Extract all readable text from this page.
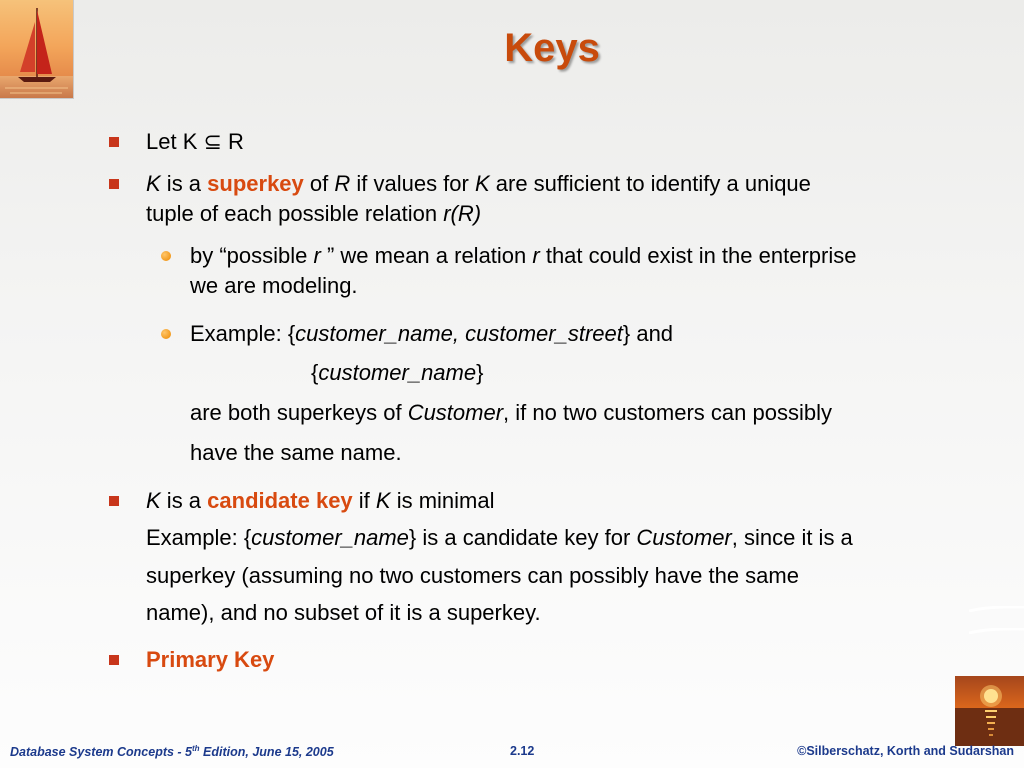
Keys
Let K ⊆ R
K is a superkey of R if values for K are sufficient to identify a unique
tuple of each possible relation r(R)
by “possible r ” we mean a relation r that could exist in the enterprise
we are modeling.
Example: {customer_name, customer_street} and
{customer_name}
are both superkeys of Customer, if no two customers can possibly
have the same name.
K is a candidate key if K is minimal
Example: {customer_name} is a candidate key for Customer, since it is a
superkey (assuming no two customers can possibly have the same
name), and no subset of it is a superkey.
Primary Key
Database System Concepts - 5th Edition, June 15, 2005	2.12	©Silberschatz, Korth and Sudarshan
